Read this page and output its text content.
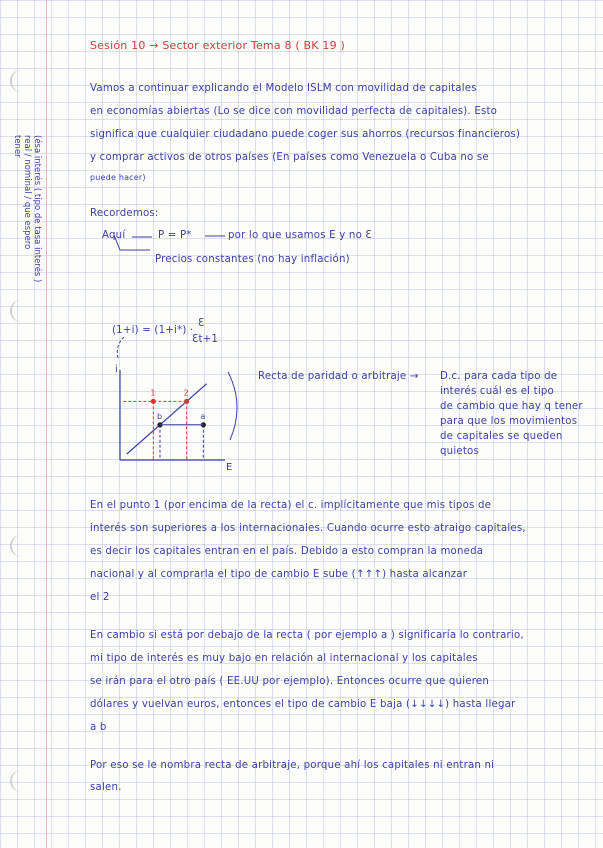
(ésa interés ( tipo de tasa interés )
real / nominal / que espero
tener
Sesión 10 → Sector exterior Tema 8 ( BK 19 )
Vamos a continuar explicando el Modelo ISLM con movilidad de capitales
en economías abiertas (Lo se dice con movilidad perfecta de capitales). Esto
significa que cualquier ciudadano puede coger sus ahorros (recursos financieros)
y comprar activos de otros países (En países como Venezuela o Cuba no se
puede hacer)
Recordemos:
Aquí	P = P*	por lo que usamos E y no Ɛ
Precios constantes (no hay inflación)
(1+i) = (1+i*) ·
Ɛ
Ɛt+1
Recta de paridad o arbitraje → D.c. para cada tipo de
interés cuál es el tipo
de cambio que hay q tener
para que los movimientos
de capitales se queden
quietos
En el punto 1 (por encima de la recta) el c. implícitamente que mis tipos de
interés son superiores a los internacionales. Cuando ocurre esto atraigo capitales,
es decir los capitales entran en el país. Debido a esto compran la moneda
nacional y al comprarla el tipo de cambio E sube (↑↑↑) hasta alcanzar
el 2
En cambio si está por debajo de la recta ( por ejemplo a ) significaría lo contrario,
mi tipo de interés es muy bajo en relación al internacional y los capitales
se irán para el otro país ( EE.UU por ejemplo). Entonces ocurre que quieren
dólares y vuelvan euros, entonces el tipo de cambio E baja (↓↓↓↓) hasta llegar
a b
Por eso se le nombra recta de arbitraje, porque ahí los capitales ni entran ni
salen.
i
E
1	2
a
b
